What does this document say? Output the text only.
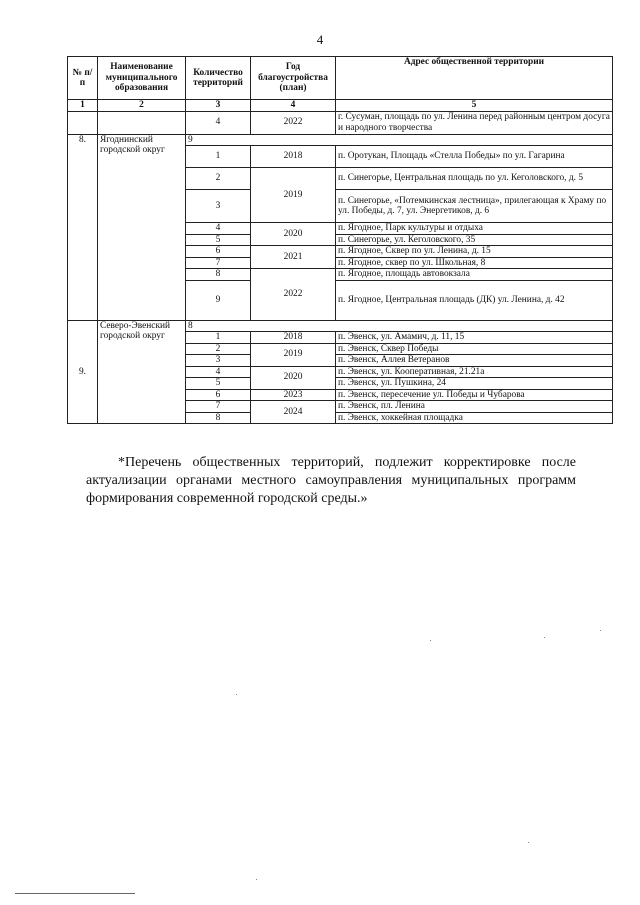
4
№ п/п	Наименование муниципального образования	Количество территорий	Год благоустройства (план)	Адрес общественной территории
1	2	3	4	5
		4	2022	г. Сусуман, площадь по ул. Ленина перед районным центром досуга и народного творчества
8.	Ягоднинский городской округ	9		
		1	2018	п. Оротукан, Площадь «Стелла Победы» по ул. Гагарина
		2	2019	п. Синегорье, Центральная площадь по ул. Кеголовского, д. 5
		3		п. Синегорье, «Потемкинская лестница», прилегающая к Храму по ул. Победы, д. 7, ул. Энергетиков, д. 6
		4	2020	п. Ягодное, Парк культуры и отдыха
		5		п. Синегорье, ул. Кеголовского, 35
		6	2021	п. Ягодное, Сквер по ул. Ленина, д. 15
		7		п. Ягодное, сквер по ул. Школьная, 8
		8	2022	п. Ягодное, площадь автовокзала
		9		п. Ягодное, Центральная площадь (ДК) ул. Ленина, д. 42
9.	Северо-Эвенский городской округ	8		
		1	2018	п. Эвенск, ул. Амамич, д. 11, 15
		2	2019	п. Эвенск, Сквер Победы
		3		п. Эвенск, Аллея Ветеранов
		4	2020	п. Эвенск, ул. Кооперативная, 21.21а
		5		п. Эвенск, ул. Пушкина, 24
		6	2023	п. Эвенск, пересечение ул. Победы и Чубарова
		7	2024	п. Эвенск, пл. Ленина
		8		п. Эвенск, хоккейная площадка
*Перечень общественных территорий, подлежит корректировке после актуализации органами местного самоуправления муниципальных программ формирования современной городской среды.»
